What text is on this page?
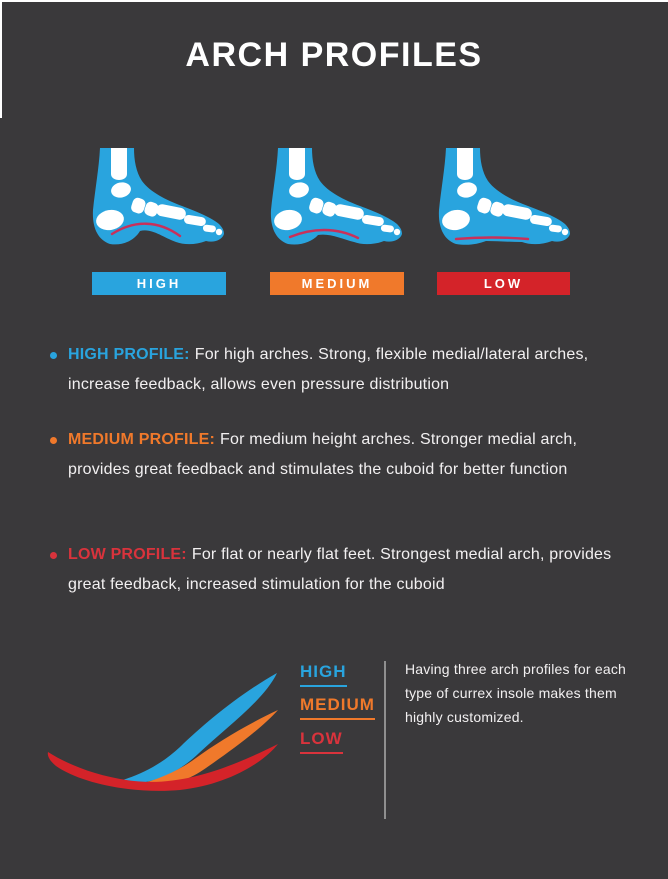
ARCH PROFILES
HIGH	MEDIUM	LOW
HIGH PROFILE: For high arches. Strong, flexible medial/lateral arches, increase feedback, allows even pressure distribution
MEDIUM PROFILE: For medium height arches. Stronger medial arch, provides great feedback and stimulates the cuboid for better function
LOW PROFILE: For flat or nearly flat feet. Strongest medial arch, provides great feedback, increased stimulation for the cuboid
HIGH
MEDIUM
LOW
Having three arch profiles for each type of currex insole makes them highly customized.
